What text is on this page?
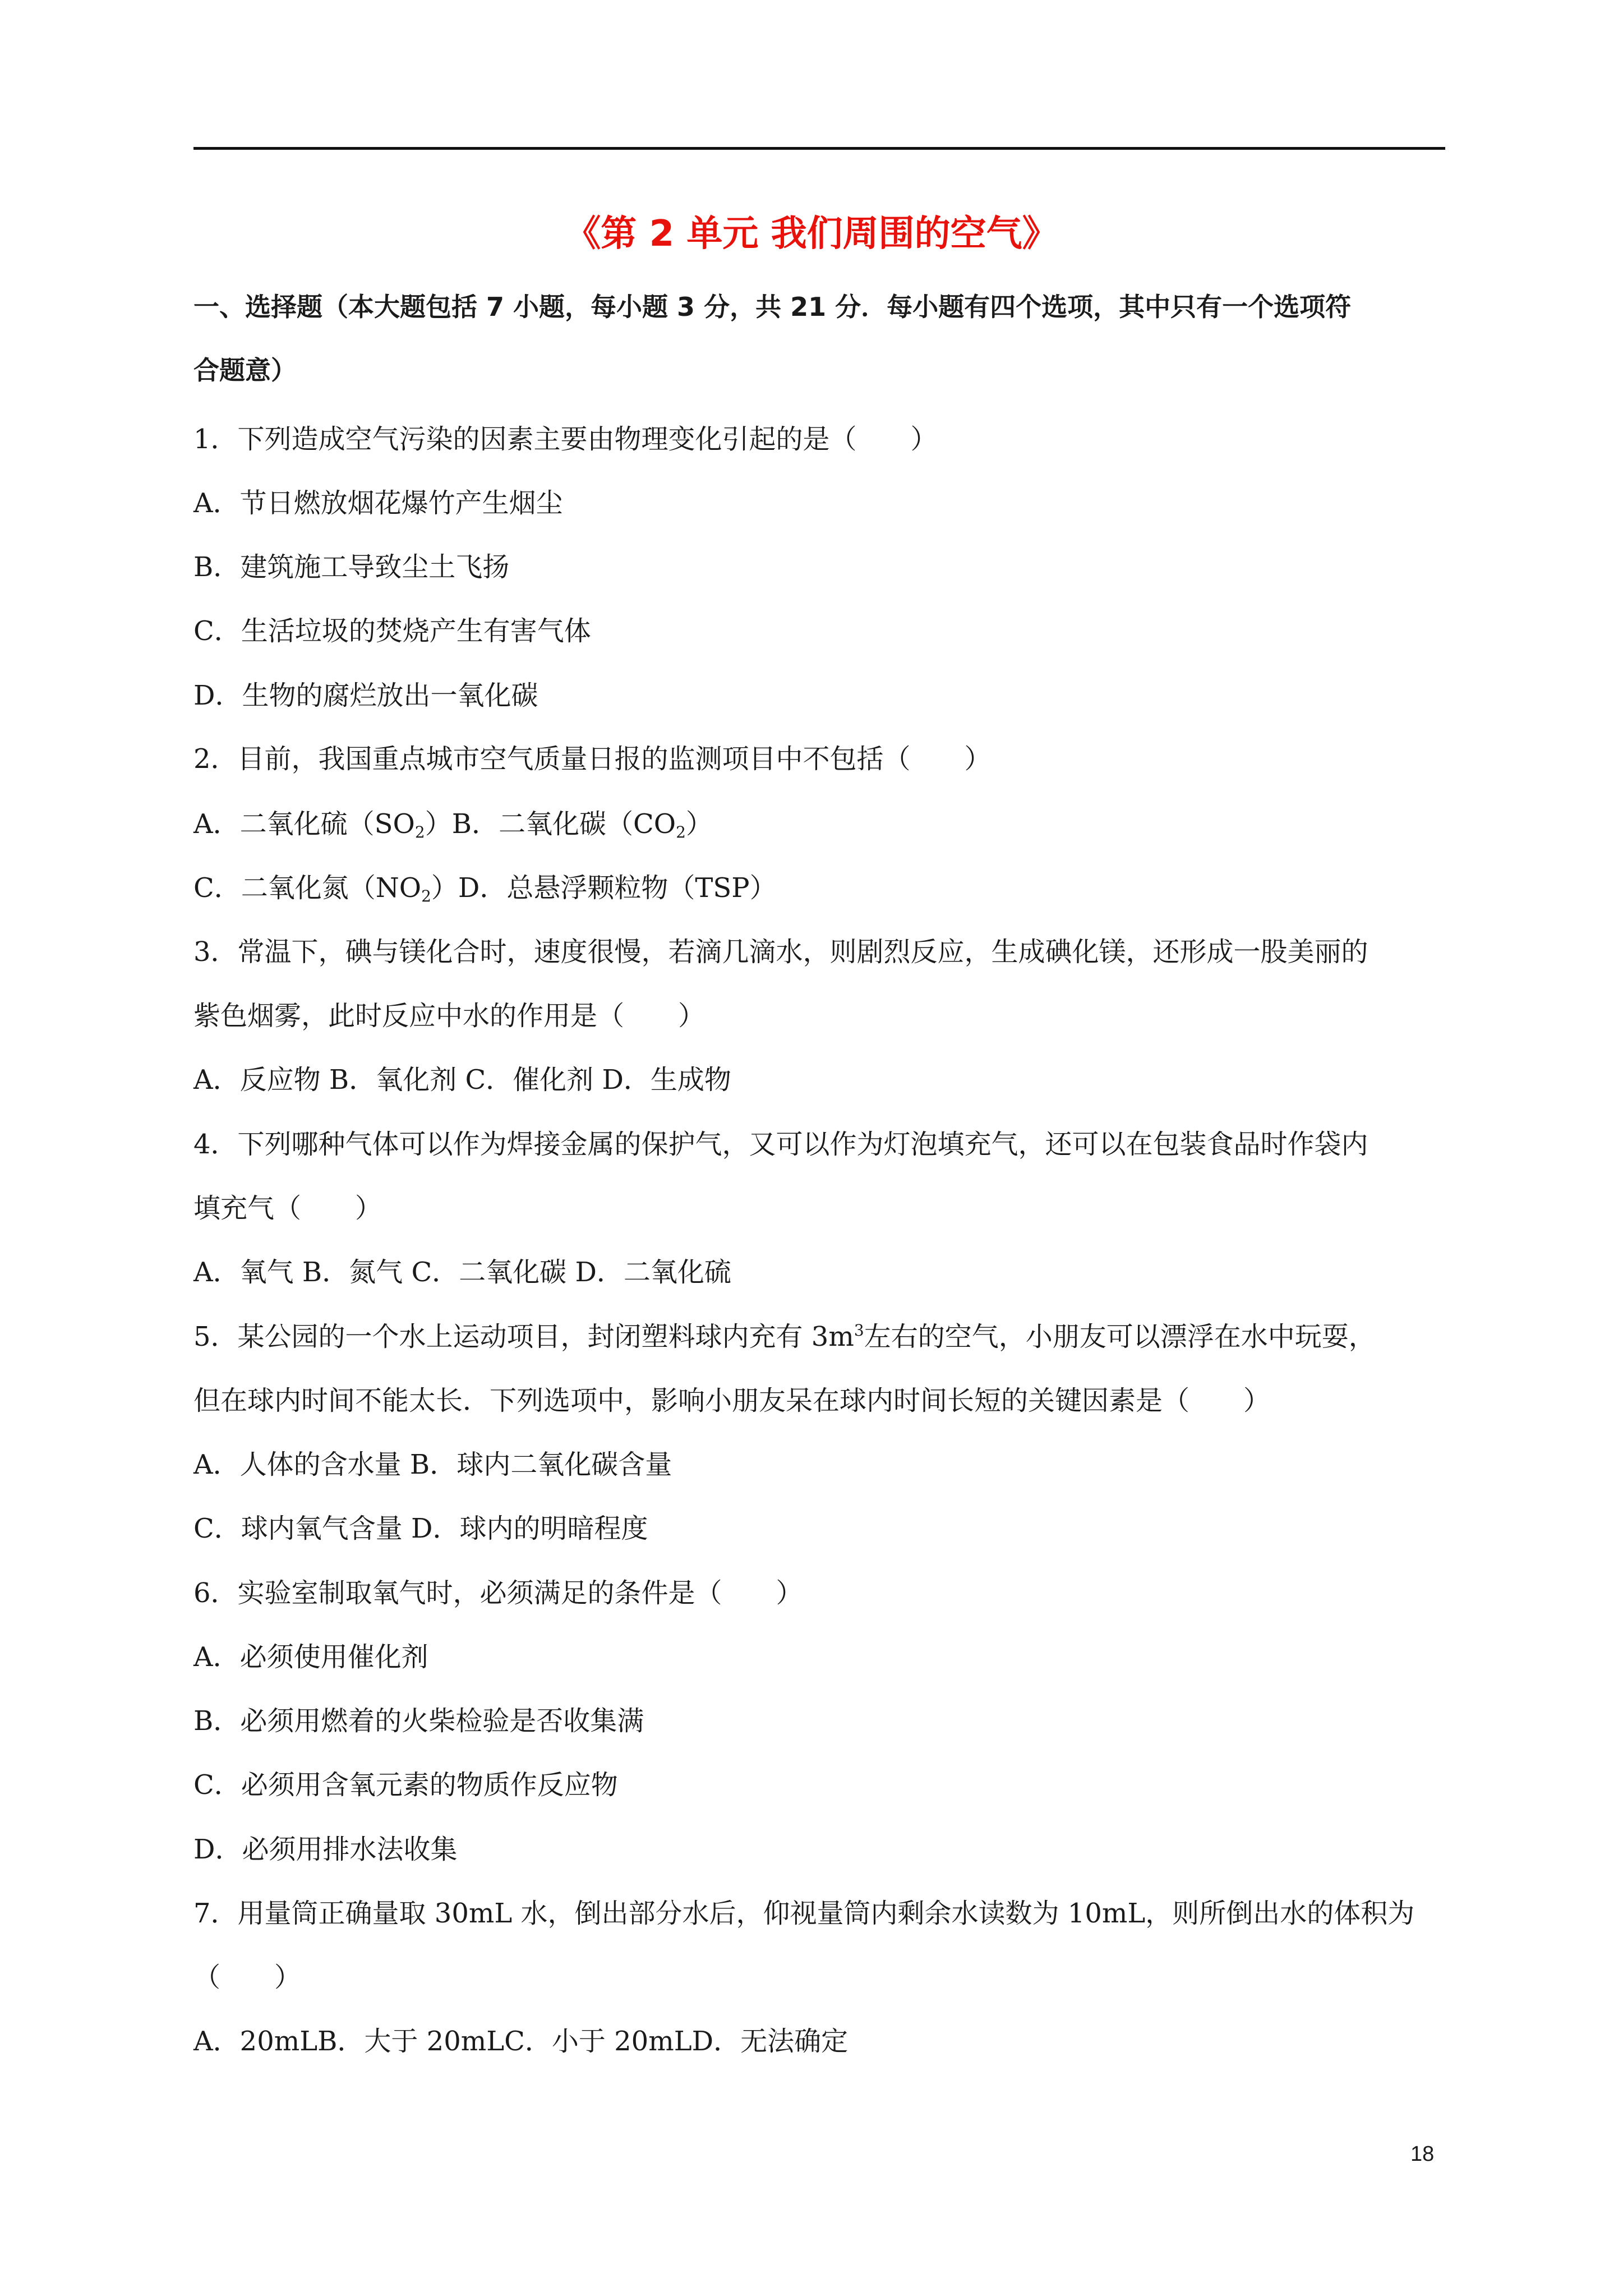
《第 2 单元 我们周围的空气》
一、选择题（本大题包括 7 小题，每小题 3 分，共 21 分．每小题有四个选项，其中只有一个选项符
合题意）
1．下列造成空气污染的因素主要由物理变化引起的是（　　）
A．节日燃放烟花爆竹产生烟尘
B．建筑施工导致尘土飞扬
C．生活垃圾的焚烧产生有害气体
D．生物的腐烂放出一氧化碳
2．目前，我国重点城市空气质量日报的监测项目中不包括（　　）
A．二氧化硫$(SO_2)B$．二氧化碳$(CO_2)$
C．二氧化氮$(NO_2)D$．总悬浮颗粒物（TSP）
3．常温下，碘与镁化合时，速度很慢，若滴几滴水，则剧烈反应，生成碘化镁，还形成一股美丽的
紫色烟雾，此时反应中水的作用是（　　）
A．反应物 B．氧化剂 C．催化剂 D．生成物
4．下列哪种气体可以作为焊接金属的保护气，又可以作为灯泡填充气，还可以在包装食品时作袋内
填充气（　　）
A．氧气 B．氮气 C．二氧化碳 D．二氧化硫
5．某公园的一个水上运动项目，封闭塑料球内充有 $3m^3$左右的空气，小朋友可以漂浮在水中玩耍，
但在球内时间不能太长．下列选项中，影响小朋友呆在球内时间长短的关键因素是（　　）
A．人体的含水量 B．球内二氧化碳含量
C．球内氧气含量 D．球内的明暗程度
6．实验室制取氧气时，必须满足的条件是（　　）
A．必须使用催化剂
B．必须用燃着的火柴检验是否收集满
C．必须用含氧元素的物质作反应物
D．必须用排水法收集
7．用量筒正确量取 30mL 水，倒出部分水后，仰视量筒内剩余水读数为 10mL，则所倒出水的体积为
（　　）
A．20mLB．大于 20mLC．小于 20mLD．无法确定
18
